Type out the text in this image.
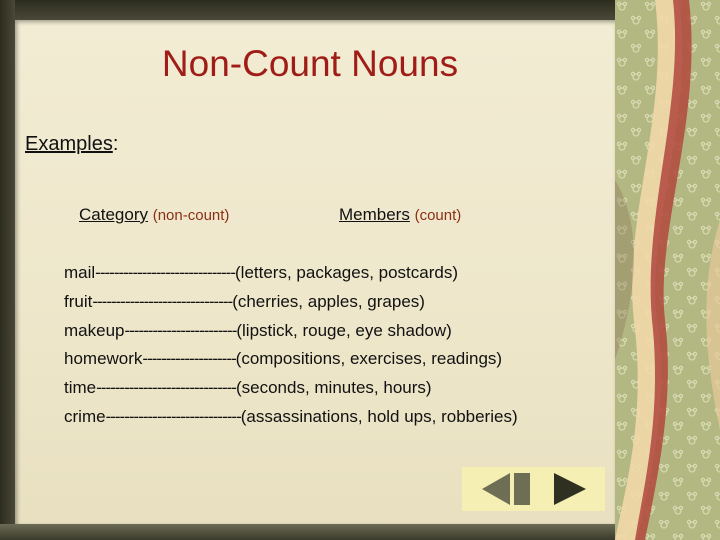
Non-Count Nouns
Examples:
Category (non-count)	Members (count)
mail ------------------------------ (letters, packages, postcards)
fruit ------------------------------ (cherries, apples, grapes)
makeup ------------------------ (lipstick, rouge, eye shadow)
homework -------------------- (compositions, exercises, readings)
time ------------------------------ (seconds, minutes, hours)
crime ----------------------------- (assassinations, hold ups, robberies)
